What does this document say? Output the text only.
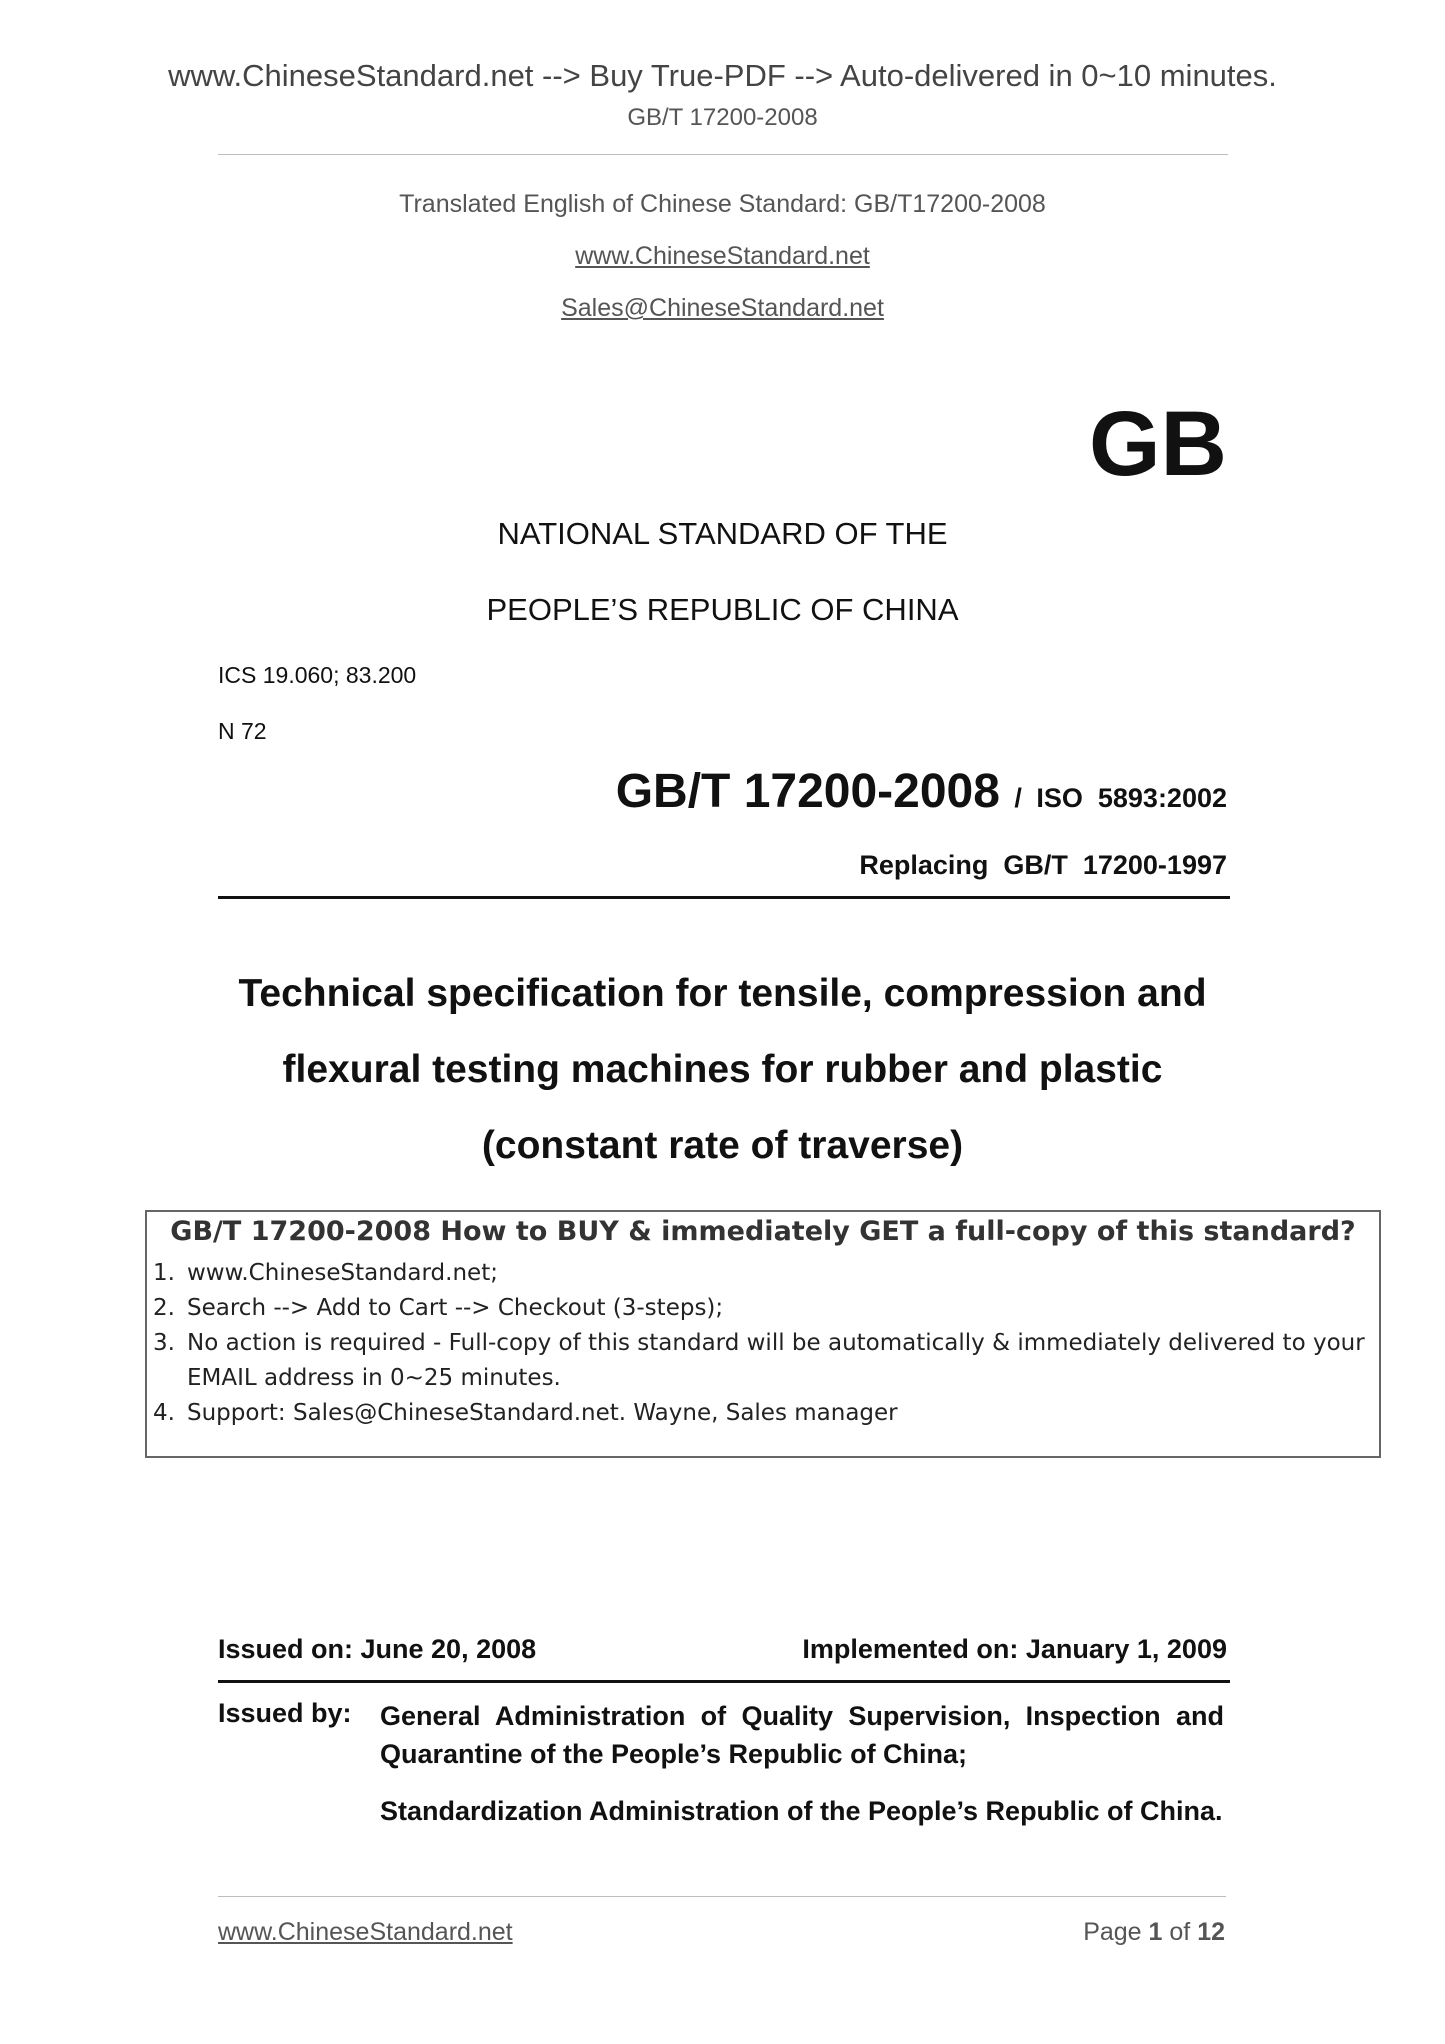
www.ChineseStandard.net --> Buy True-PDF --> Auto-delivered in 0~10 minutes.
GB/T 17200-2008
Translated English of Chinese Standard: GB/T17200-2008
www.ChineseStandard.net
Sales@ChineseStandard.net
GB
NATIONAL STANDARD OF THE
PEOPLE’S REPUBLIC OF CHINA
ICS 19.060; 83.200
N 72
GB/T 17200-2008 / ISO  5893:2002
Replacing  GB/T  17200-1997
Technical specification for tensile, compression and
flexural testing machines for rubber and plastic
(constant rate of traverse)
GB/T 17200-2008 How to BUY & immediately GET a full-copy of this standard?
1. www.ChineseStandard.net;
2. Search --> Add to Cart --> Checkout (3-steps);
3. No action is required - Full-copy of this standard will be automatically & immediately delivered to your EMAIL address in 0~25 minutes.
4. Support: Sales@ChineseStandard.net. Wayne, Sales manager
Issued on: June 20, 2008	Implemented on: January 1, 2009
Issued by: General Administration of Quality Supervision, Inspection and Quarantine of the People’s Republic of China;
Standardization Administration of the People’s Republic of China.
www.ChineseStandard.net	Page 1 of 12
